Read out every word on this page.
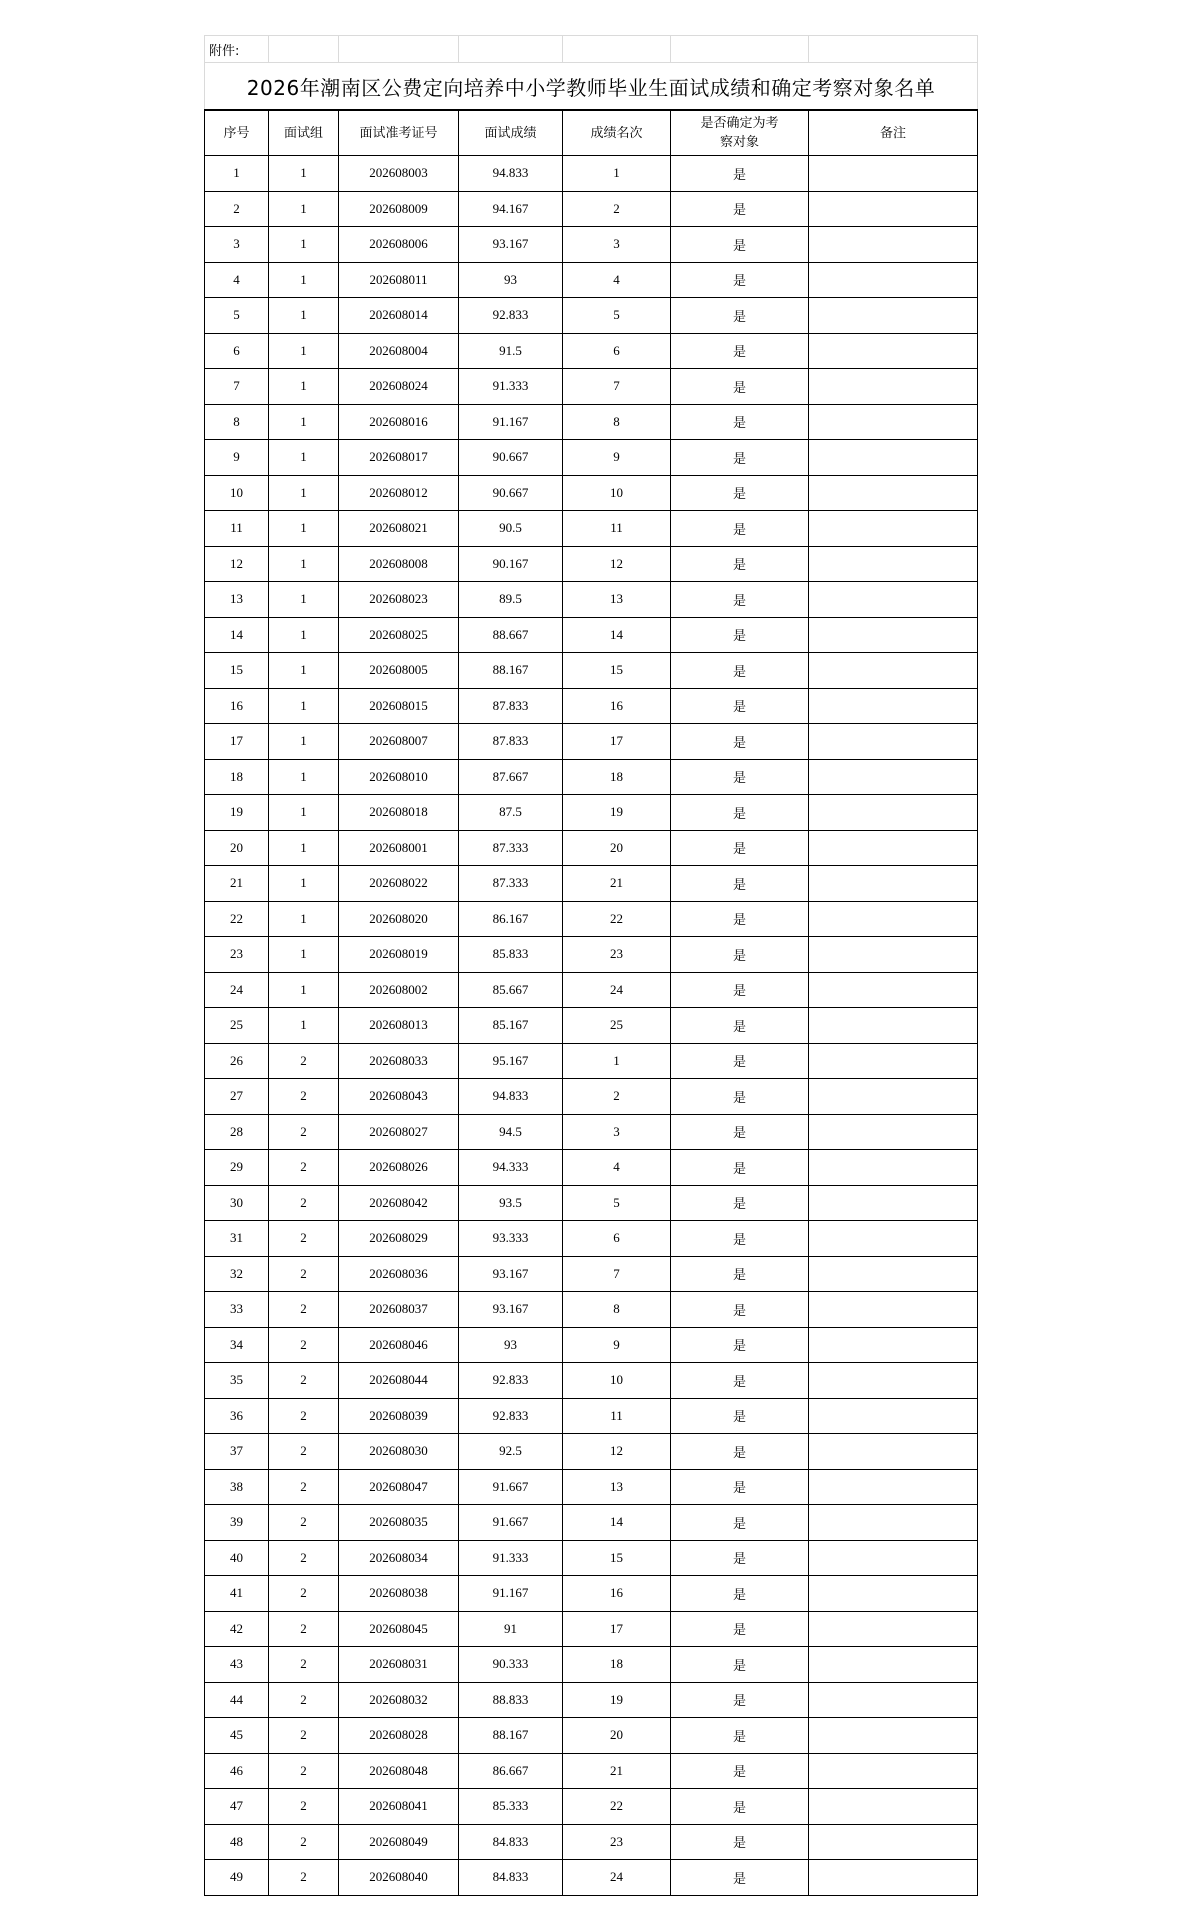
附件:						
2026年潮南区公费定向培养中小学教师毕业生面试成绩和确定考察对象名单						
序号	面试组	面试准考证号	面试成绩	成绩名次	是否确定为考察对象	备注
1	1	202608003	94.833	1	是	
2	1	202608009	94.167	2	是	
3	1	202608006	93.167	3	是	
4	1	202608011	93	4	是	
5	1	202608014	92.833	5	是	
6	1	202608004	91.5	6	是	
7	1	202608024	91.333	7	是	
8	1	202608016	91.167	8	是	
9	1	202608017	90.667	9	是	
10	1	202608012	90.667	10	是	
11	1	202608021	90.5	11	是	
12	1	202608008	90.167	12	是	
13	1	202608023	89.5	13	是	
14	1	202608025	88.667	14	是	
15	1	202608005	88.167	15	是	
16	1	202608015	87.833	16	是	
17	1	202608007	87.833	17	是	
18	1	202608010	87.667	18	是	
19	1	202608018	87.5	19	是	
20	1	202608001	87.333	20	是	
21	1	202608022	87.333	21	是	
22	1	202608020	86.167	22	是	
23	1	202608019	85.833	23	是	
24	1	202608002	85.667	24	是	
25	1	202608013	85.167	25	是	
26	2	202608033	95.167	1	是	
27	2	202608043	94.833	2	是	
28	2	202608027	94.5	3	是	
29	2	202608026	94.333	4	是	
30	2	202608042	93.5	5	是	
31	2	202608029	93.333	6	是	
32	2	202608036	93.167	7	是	
33	2	202608037	93.167	8	是	
34	2	202608046	93	9	是	
35	2	202608044	92.833	10	是	
36	2	202608039	92.833	11	是	
37	2	202608030	92.5	12	是	
38	2	202608047	91.667	13	是	
39	2	202608035	91.667	14	是	
40	2	202608034	91.333	15	是	
41	2	202608038	91.167	16	是	
42	2	202608045	91	17	是	
43	2	202608031	90.333	18	是	
44	2	202608032	88.833	19	是	
45	2	202608028	88.167	20	是	
46	2	202608048	86.667	21	是	
47	2	202608041	85.333	22	是	
48	2	202608049	84.833	23	是	
49	2	202608040	84.833	24	是	
